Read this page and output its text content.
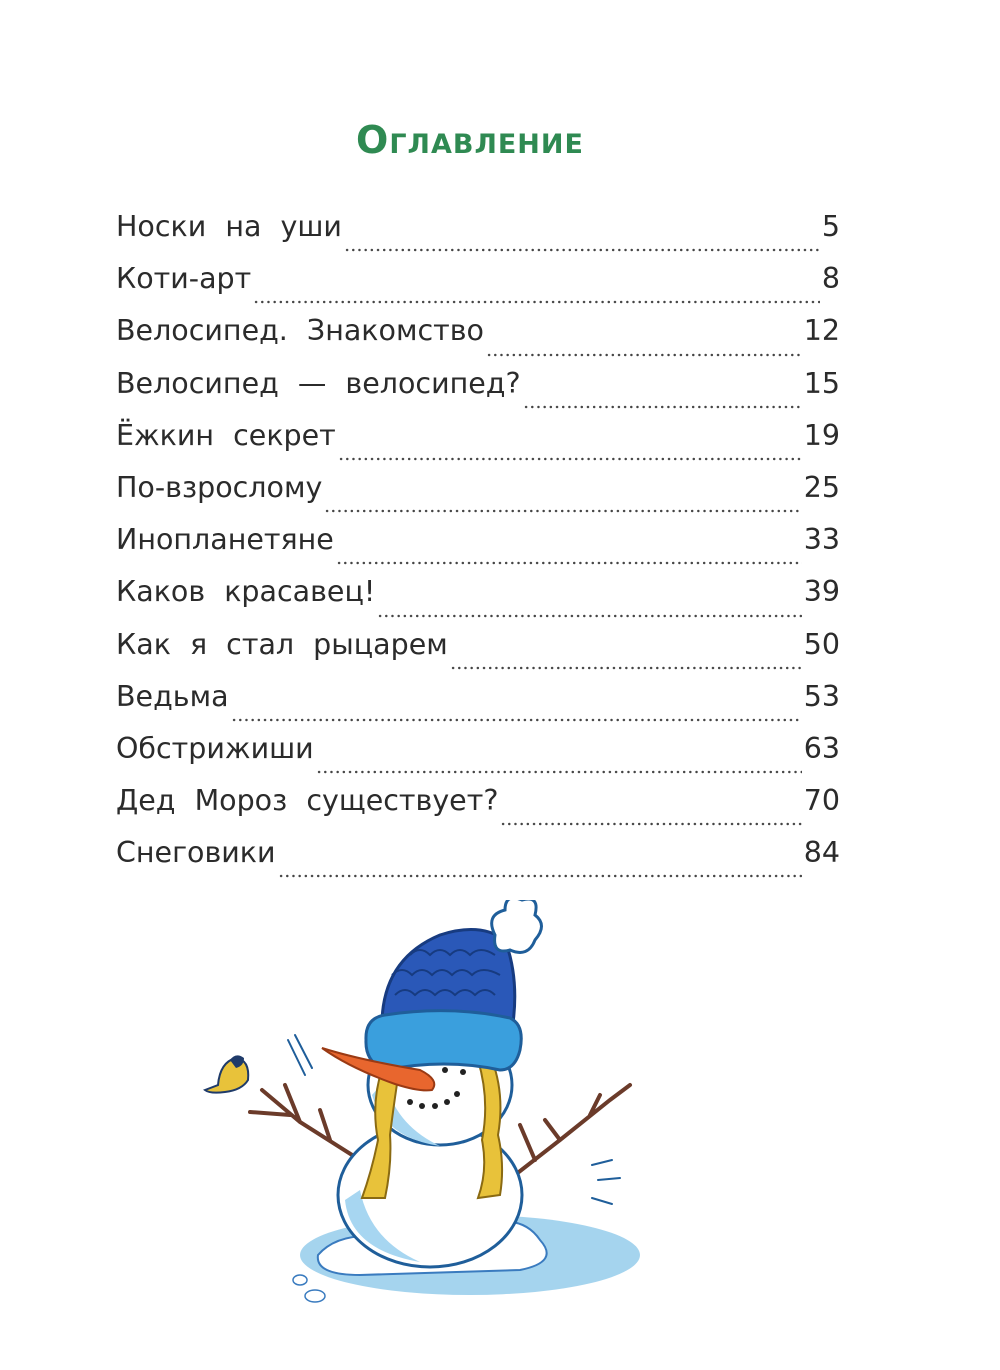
Оглавление
Носки на уши	5
Коти-арт	8
Велосипед. Знакомство	12
Велосипед — велосипед?	15
Ёжкин секрет	19
По-взрослому	25
Инопланетяне	33
Каков красавец!	39
Как я стал рыцарем	50
Ведьма	53
Обстрижиши	63
Дед Мороз существует?	70
Снеговики	84
